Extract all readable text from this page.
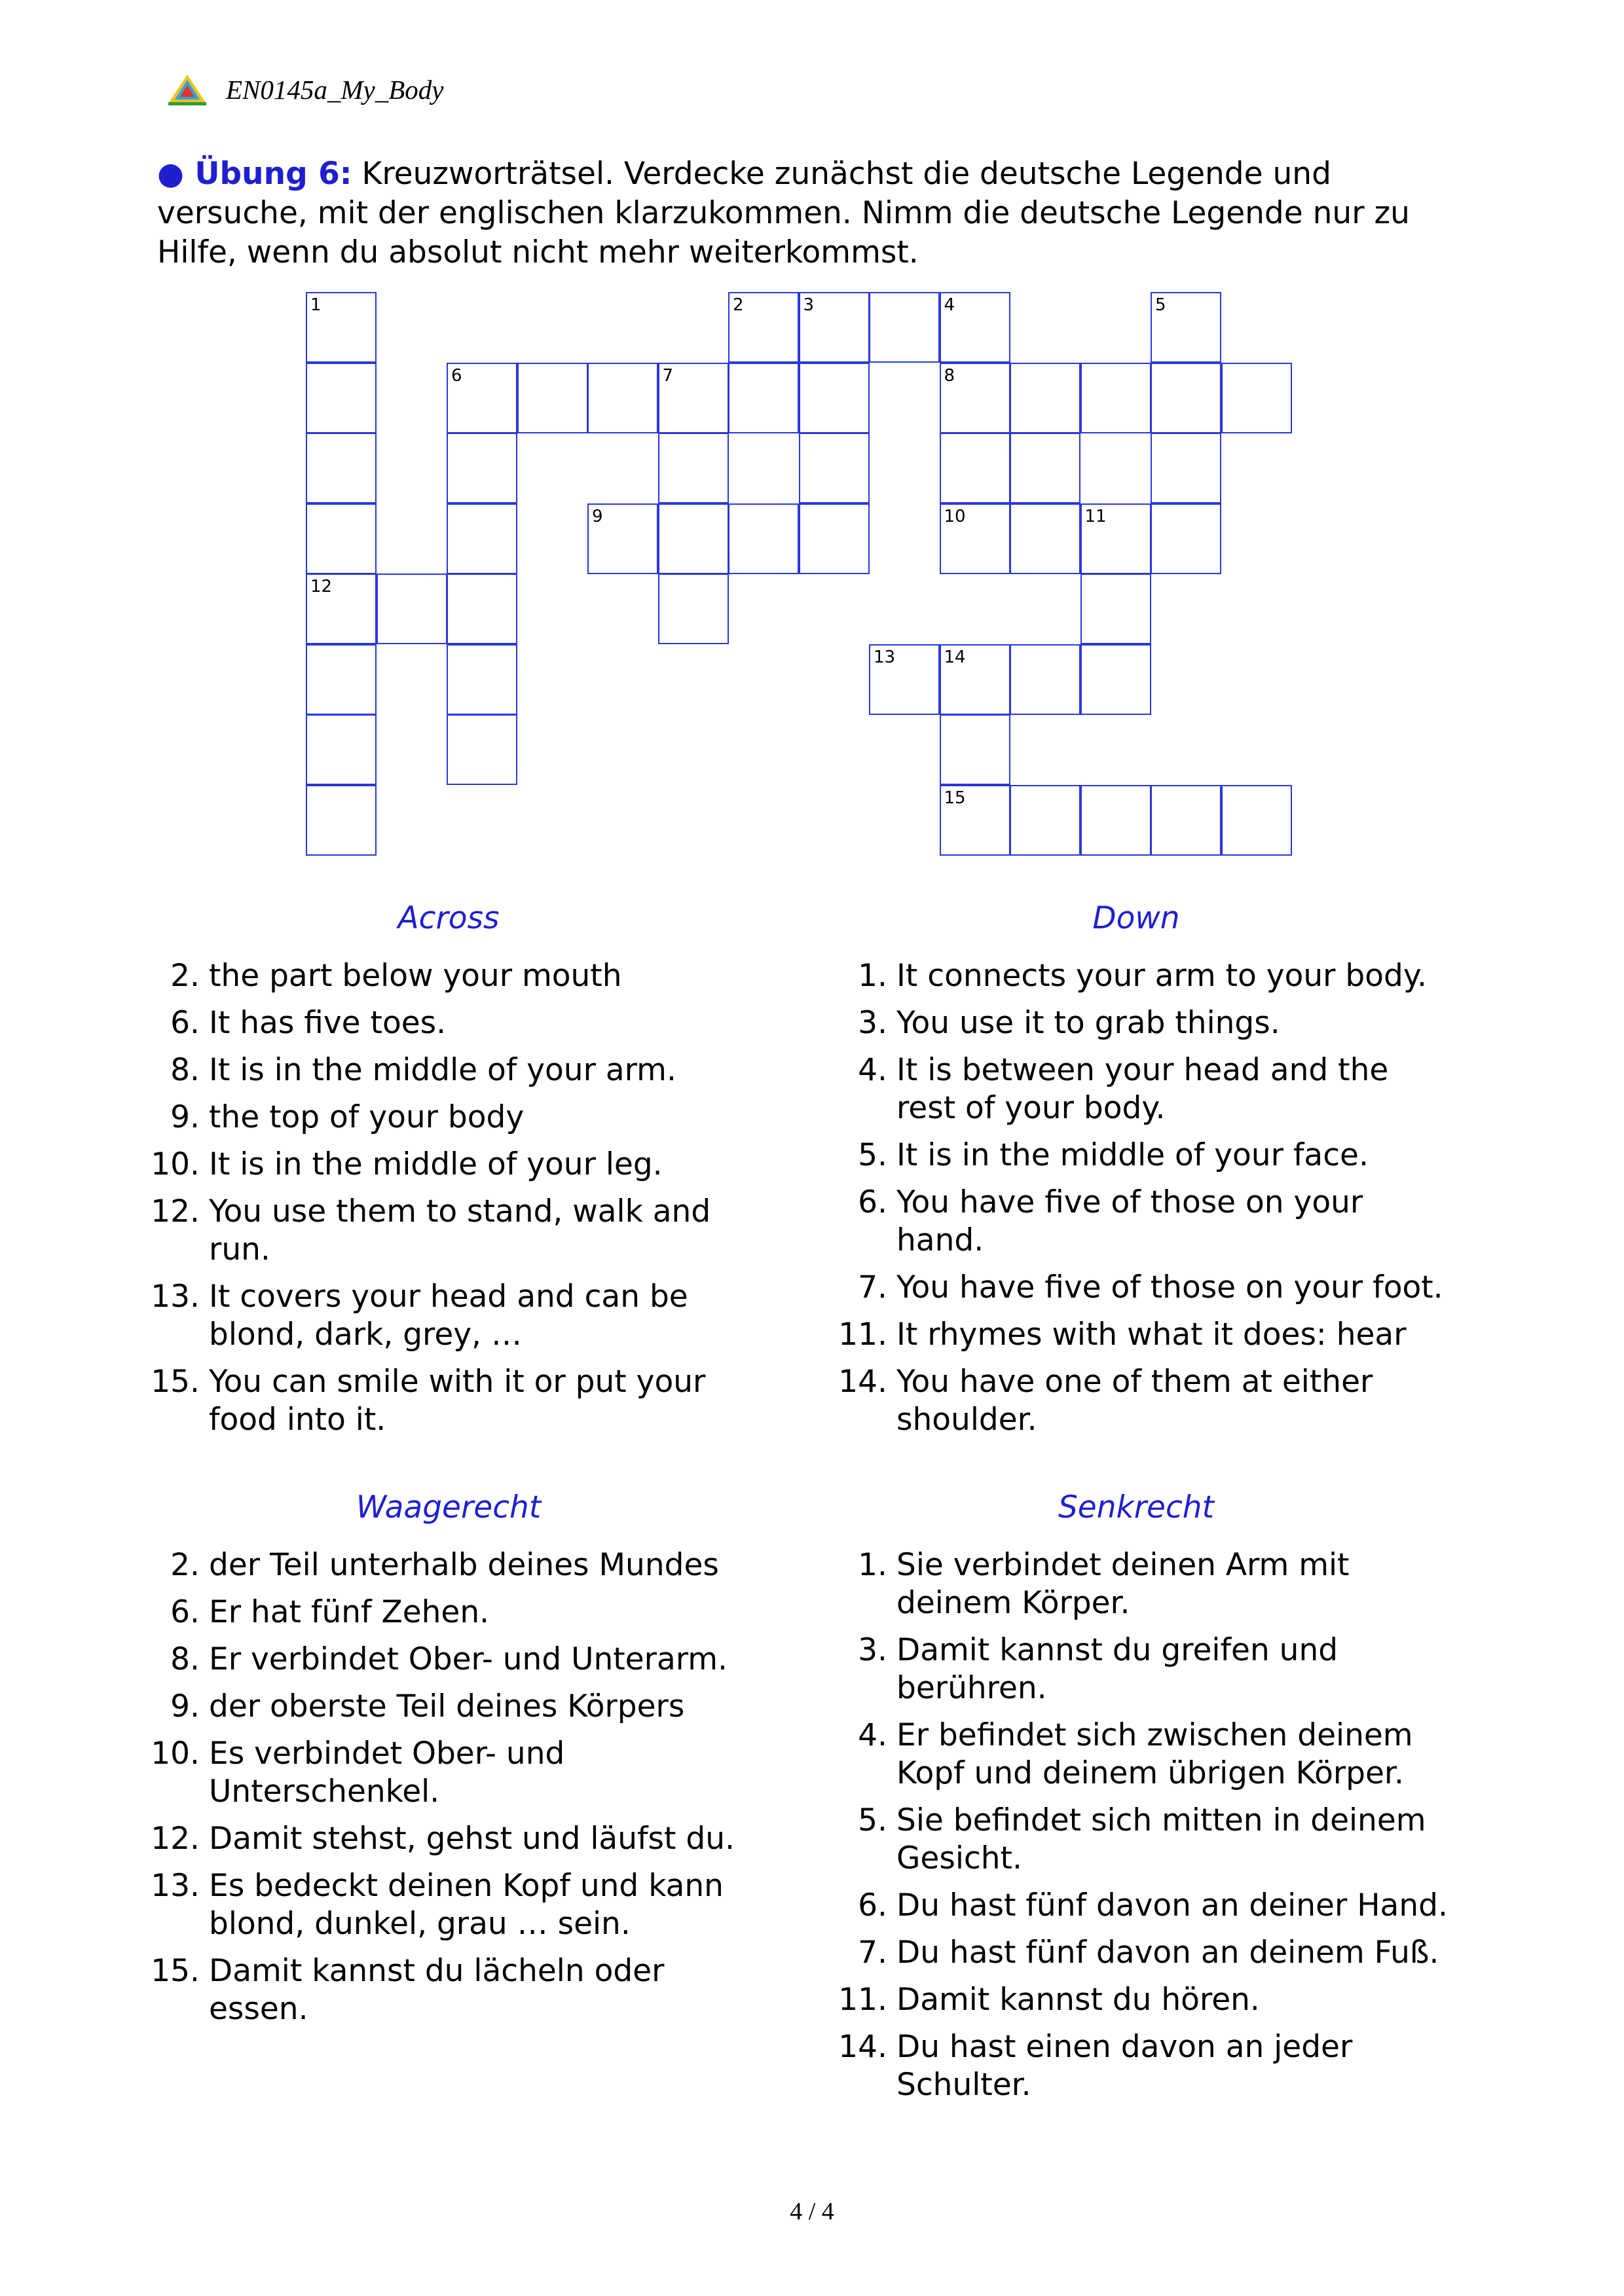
EN0145a_My_Body
● Übung 6: Kreuzworträtsel. Verdecke zunächst die deutsche Legende und versuche, mit der englischen klarzukommen. Nimm die deutsche Legende nur zu Hilfe, wenn du absolut nicht mehr weiterkommst.
1	2	3	4	5
6	7	8
9	10	11
12
13	14
15
Across
2. the part below your mouth
6. It has five toes.
8. It is in the middle of your arm.
9. the top of your body
10. It is in the middle of your leg.
12. You use them to stand, walk and run.
13. It covers your head and can be blond, dark, grey, …
15. You can smile with it or put your food into it.
Down
1. It connects your arm to your body.
3. You use it to grab things.
4. It is between your head and the rest of your body.
5. It is in the middle of your face.
6. You have five of those on your hand.
7. You have five of those on your foot.
11. It rhymes with what it does: hear
14. You have one of them at either shoulder.
Waagerecht
2. der Teil unterhalb deines Mundes
6. Er hat fünf Zehen.
8. Er verbindet Ober- und Unterarm.
9. der oberste Teil deines Körpers
10. Es verbindet Ober- und Unterschenkel.
12. Damit stehst, gehst und läufst du.
13. Es bedeckt deinen Kopf und kann blond, dunkel, grau … sein.
15. Damit kannst du lächeln oder essen.
Senkrecht
1. Sie verbindet deinen Arm mit deinem Körper.
3. Damit kannst du greifen und berühren.
4. Er befindet sich zwischen deinem Kopf und deinem übrigen Körper.
5. Sie befindet sich mitten in deinem Gesicht.
6. Du hast fünf davon an deiner Hand.
7. Du hast fünf davon an deinem Fuß.
11. Damit kannst du hören.
14. Du hast einen davon an jeder Schulter.
4 / 4
